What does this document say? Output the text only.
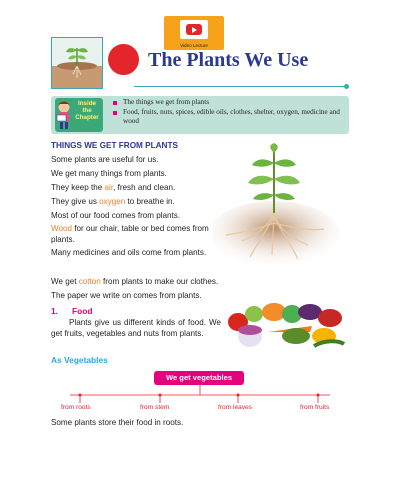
Video Lecture
The Plants We Use
Inside
the
Chapter
The things we get from plants
Food, fruits, nuts, spices, edible oils, clothes, shelter, oxygen, medicine and wood
THINGS WE GET FROM PLANTS
Some plants are useful for us.
We get many things from plants.
They keep the air, fresh and clean.
They give us oxygen to breathe in.
Most of our food comes from plants.
Wood for our chair, table or bed comes from plants.
Many medicines and oils come from plants.
We get cotton from plants to make our clothes.
The paper we write on comes from plants.
1. Food
Plants give us different kinds of food. We get fruits, vegetables and nuts from plants.
As Vegetables
We get vegetables
from roots	from stem	from leaves	from fruits
Some plants store their food in roots.
